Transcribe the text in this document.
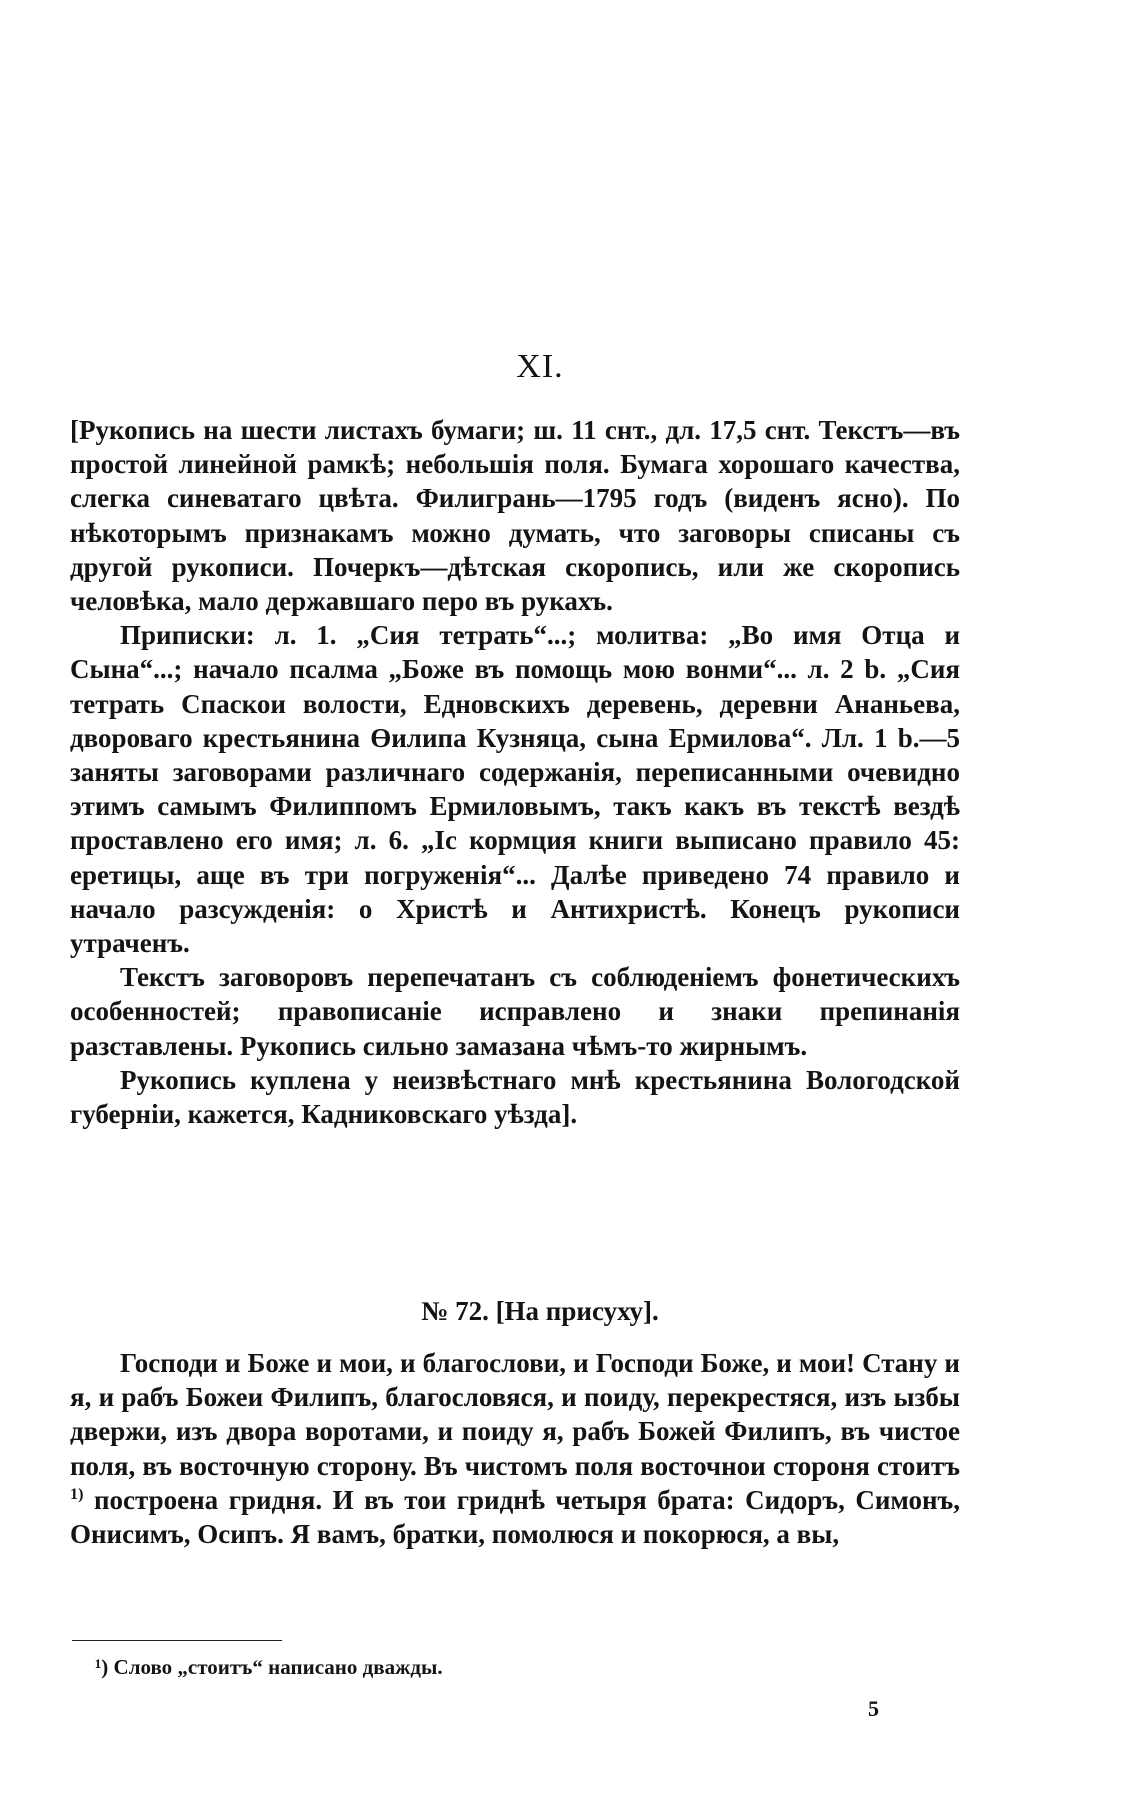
XI.

[Рукопись на шести листахъ бумаги; ш. 11 снт., дл. 17,5 снт. Текстъ—въ простой линейной рамкѣ; небольшія поля. Бумага хорошаго качества, слегка синеватаго цвѣта. Филигрань—1795 годъ (виденъ ясно). По нѣкоторымъ признакамъ можно думать, что заговоры списаны съ другой рукописи. Почеркъ—дѣтская скоропись, или же скоропись человѣка, мало державшаго перо въ рукахъ.

Приписки: л. 1. „Сия тетрать“...; молитва: „Во имя Отца и Сына“...; начало псалма „Боже въ помощь мою вонми“... л. 2 b. „Сия тетрать Спаскои волости, Едновскихъ деревень, деревни Ананьева, двороваго крестьянина Өилипа Кузняца, сына Ермилова“. Лл. 1 b.—5 заняты заговорами различнаго содержанія, переписанными очевидно этимъ самымъ Филиппомъ Ермиловымъ, такъ какъ въ текстѣ вездѣ проставлено его имя; л. 6. „Іс кормция книги выписано правило 45: еретицы, аще въ три погруженія“... Далѣе приведено 74 правило и начало разсужденія: о Христѣ и Антихристѣ. Конецъ рукописи утраченъ.

Текстъ заговоровъ перепечатанъ съ соблюденіемъ фонетическихъ особенностей; правописаніе исправлено и знаки препинанія разставлены. Рукопись сильно замазана чѣмъ-то жирнымъ.

Рукопись куплена у неизвѣстнаго мнѣ крестьянина Вологодской губерніи, кажется, Кадниковскаго уѣзда].

№ 72. [На присуху].

Господи и Боже и мои, и благослови, и Господи Боже, и мои! Стану и я, и рабъ Божеи Филипъ, благословяся, и поиду, перекрестяся, изъ ызбы двержи, изъ двора воротами, и поиду я, рабъ Божей Филипъ, въ чистое поля, въ восточную сторону. Въ чистомъ поля восточнои стороня стоитъ $^{1)}$ построена гридня. И въ тои гриднѣ четыря брата: Сидоръ, Симонъ, Онисимъ, Осипъ. Я вамъ, братки, помолюся и покорюся, а вы,

¹) Слово „стоитъ“ написано дважды.
5
